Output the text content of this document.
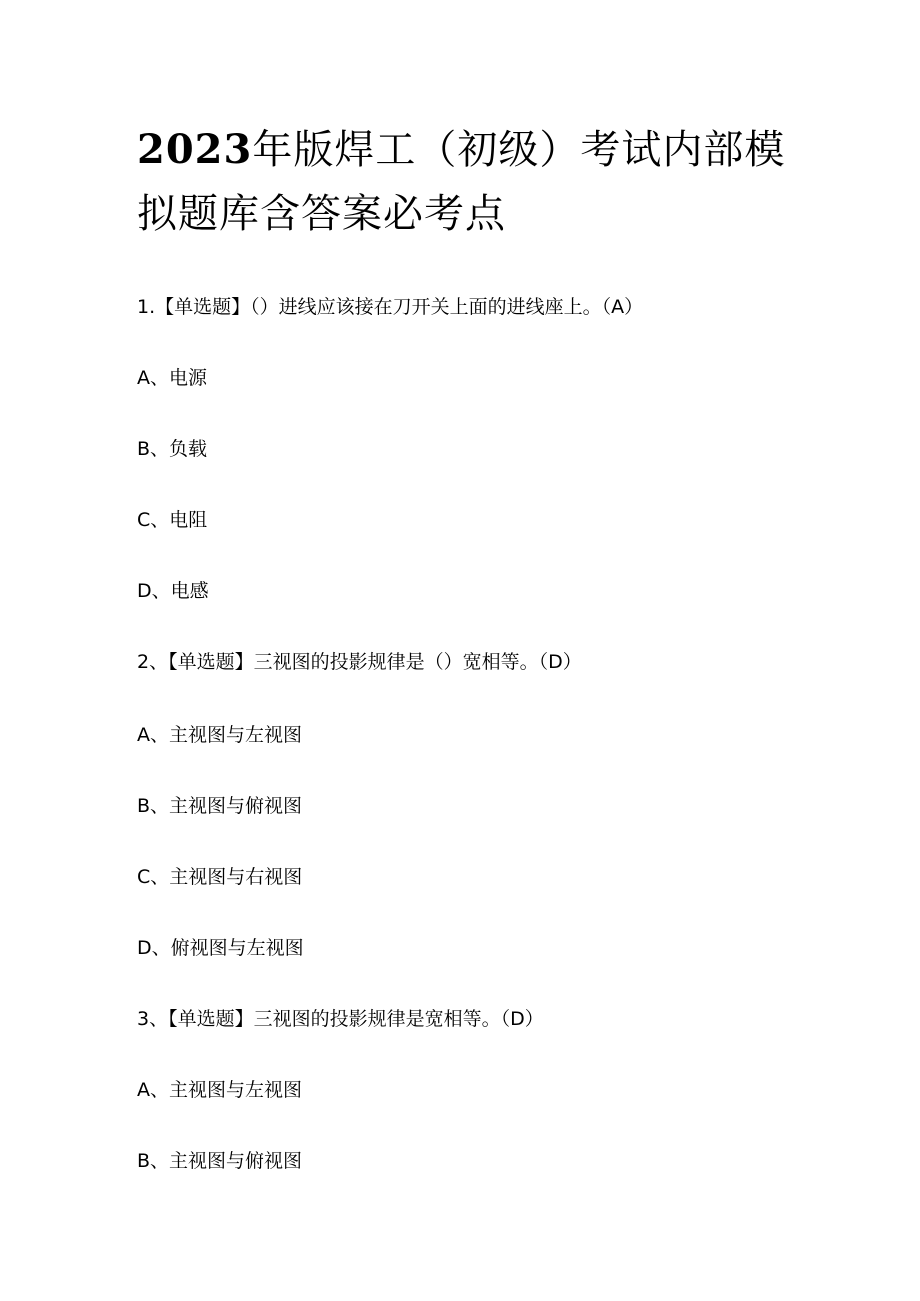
2023年版焊工（初级）考试内部模拟题库含答案必考点

1.【单选题】（）进线应该接在刀开关上面的进线座上。（A）

A、电源

B、负载

C、电阻

D、电感

2、【单选题】三视图的投影规律是（）宽相等。（D）

A、主视图与左视图

B、主视图与俯视图

C、主视图与右视图

D、俯视图与左视图

3、【单选题】三视图的投影规律是宽相等。（D）

A、主视图与左视图

B、主视图与俯视图
